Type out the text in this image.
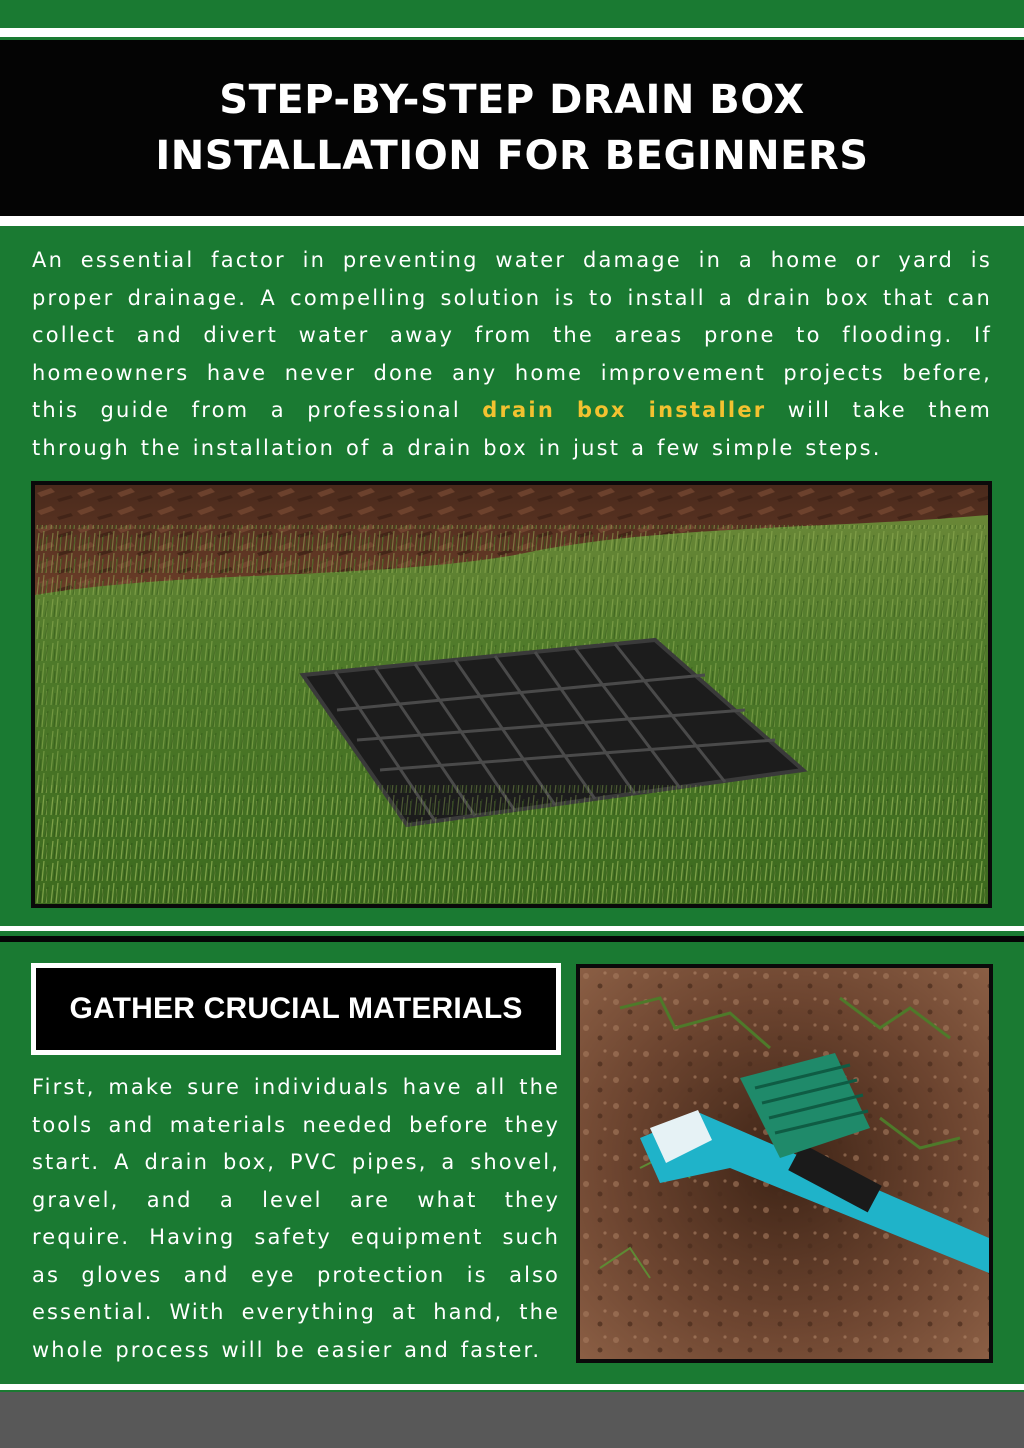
STEP-BY-STEP DRAIN BOX
INSTALLATION FOR BEGINNERS

An essential factor in preventing water damage in a home or yard is proper drainage. A compelling solution is to install a drain box that can collect and divert water away from the areas prone to flooding. If homeowners have never done any home improvement projects before, this guide from a professional drain box installer will take them through the installation of a drain box in just a few simple steps.

GATHER CRUCIAL MATERIALS

First, make sure individuals have all the tools and materials needed before they start. A drain box, PVC pipes, a shovel, gravel, and a level are what they require. Having safety equipment such as gloves and eye protection is also essential. With everything at hand, the whole process will be easier and faster.
